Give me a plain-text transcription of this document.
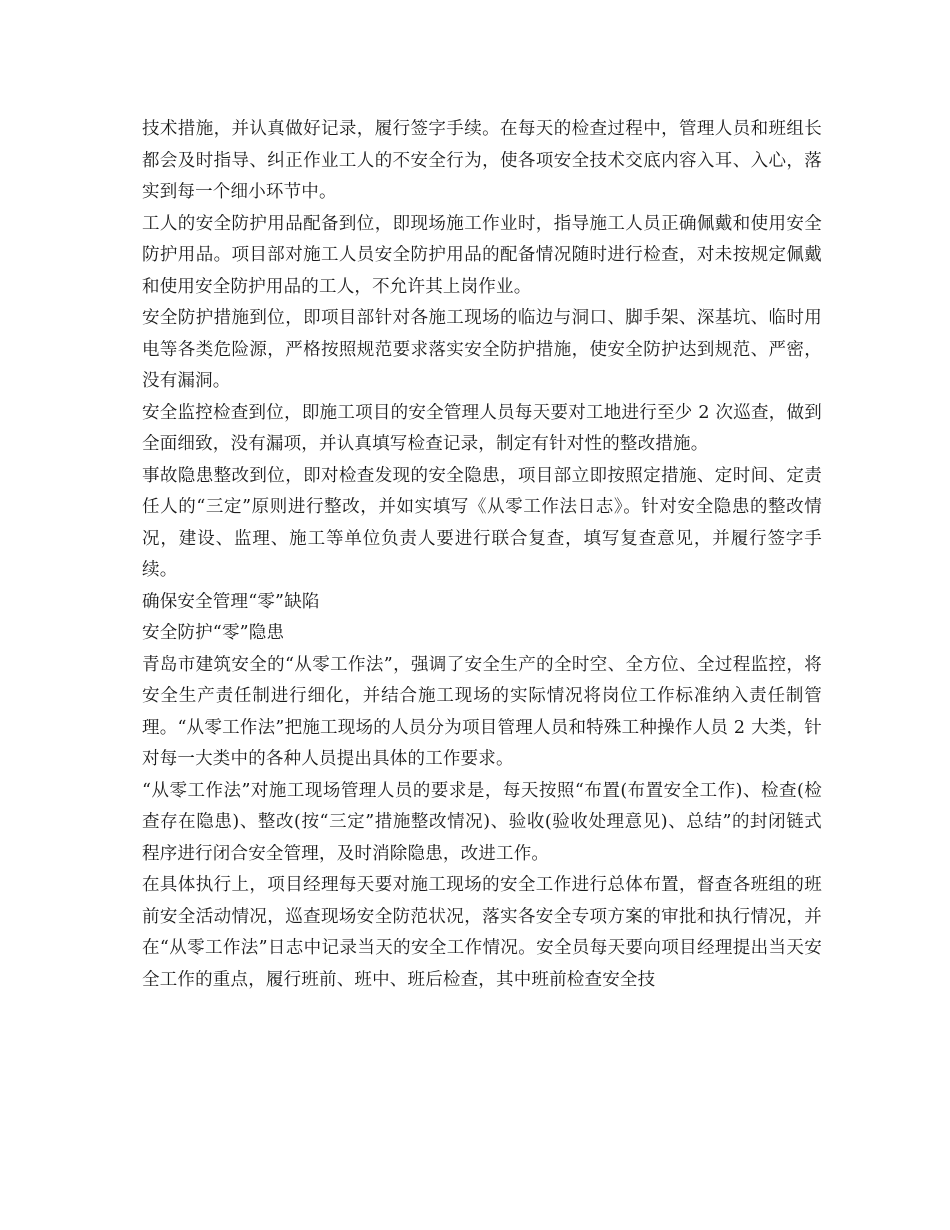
技术措施，并认真做好记录，履行签字手续。在每天的检查过程中，管理人员和班组长都会及时指导、纠正作业工人的不安全行为，使各项安全技术交底内容入耳、入心，落实到每一个细小环节中。

工人的安全防护用品配备到位，即现场施工作业时，指导施工人员正确佩戴和使用安全防护用品。项目部对施工人员安全防护用品的配备情况随时进行检查，对未按规定佩戴和使用安全防护用品的工人，不允许其上岗作业。

安全防护措施到位，即项目部针对各施工现场的临边与洞口、脚手架、深基坑、临时用电等各类危险源，严格按照规范要求落实安全防护措施，使安全防护达到规范、严密，没有漏洞。

安全监控检查到位，即施工项目的安全管理人员每天要对工地进行至少 2 次巡查，做到全面细致，没有漏项，并认真填写检查记录，制定有针对性的整改措施。

事故隐患整改到位，即对检查发现的安全隐患，项目部立即按照定措施、定时间、定责任人的“三定”原则进行整改，并如实填写《从零工作法日志》。针对安全隐患的整改情况，建设、监理、施工等单位负责人要进行联合复查，填写复查意见，并履行签字手续。

确保安全管理“零”缺陷

安全防护“零”隐患

青岛市建筑安全的“从零工作法”，强调了安全生产的全时空、全方位、全过程监控，将安全生产责任制进行细化，并结合施工现场的实际情况将岗位工作标准纳入责任制管理。“从零工作法”把施工现场的人员分为项目管理人员和特殊工种操作人员 2 大类，针对每一大类中的各种人员提出具体的工作要求。

“从零工作法”对施工现场管理人员的要求是，每天按照“布置(布置安全工作)、检查(检查存在隐患)、整改(按“三定”措施整改情况)、验收(验收处理意见)、总结”的封闭链式程序进行闭合安全管理，及时消除隐患，改进工作。

在具体执行上，项目经理每天要对施工现场的安全工作进行总体布置，督查各班组的班前安全活动情况，巡查现场安全防范状况，落实各安全专项方案的审批和执行情况，并在“从零工作法”日志中记录当天的安全工作情况。安全员每天要向项目经理提出当天安全工作的重点，履行班前、班中、班后检查，其中班前检查安全技
